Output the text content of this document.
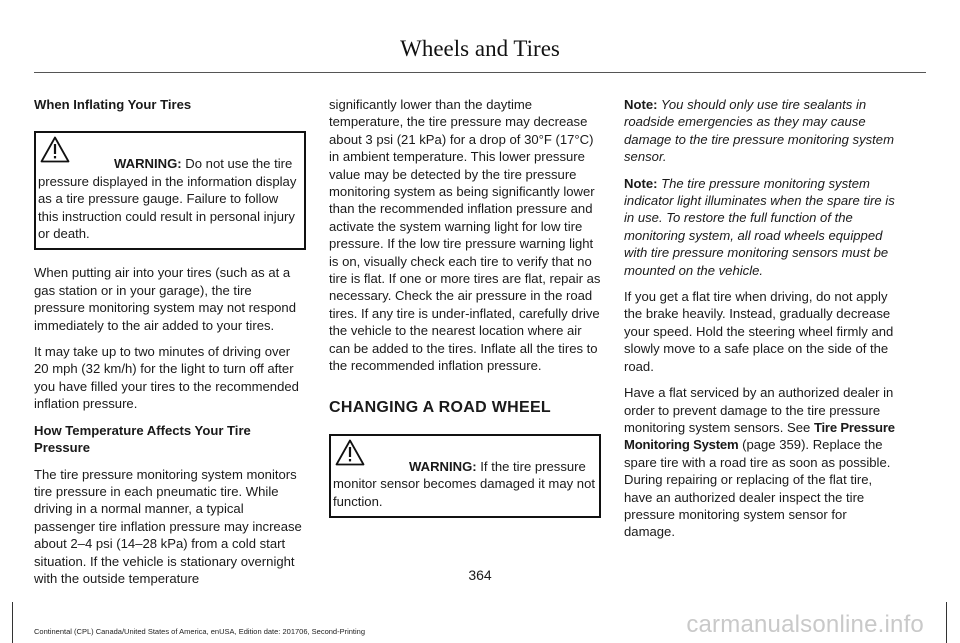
Wheels and Tires

When Inflating Your Tires

WARNING: Do not use the tire pressure displayed in the information display as a tire pressure gauge. Failure to follow this instruction could result in personal injury or death.

When putting air into your tires (such as at a gas station or in your garage), the tire pressure monitoring system may not respond immediately to the air added to your tires.

It may take up to two minutes of driving over 20 mph (32 km/h) for the light to turn off after you have filled your tires to the recommended inflation pressure.

How Temperature Affects Your Tire Pressure

The tire pressure monitoring system monitors tire pressure in each pneumatic tire. While driving in a normal manner, a typical passenger tire inflation pressure may increase about 2–4 psi (14–28 kPa) from a cold start situation. If the vehicle is stationary overnight with the outside temperature

significantly lower than the daytime temperature, the tire pressure may decrease about 3 psi (21 kPa) for a drop of 30°F (17°C) in ambient temperature. This lower pressure value may be detected by the tire pressure monitoring system as being significantly lower than the recommended inflation pressure and activate the system warning light for low tire pressure. If the low tire pressure warning light is on, visually check each tire to verify that no tire is flat. If one or more tires are flat, repair as necessary. Check the air pressure in the road tires. If any tire is under-inflated, carefully drive the vehicle to the nearest location where air can be added to the tires. Inflate all the tires to the recommended inflation pressure.

CHANGING A ROAD WHEEL
WARNING: If the tire pressure monitor sensor becomes damaged it may not function.

Note: You should only use tire sealants in roadside emergencies as they may cause damage to the tire pressure monitoring system sensor.

Note: The tire pressure monitoring system indicator light illuminates when the spare tire is in use. To restore the full function of the monitoring system, all road wheels equipped with tire pressure monitoring sensors must be mounted on the vehicle.

If you get a flat tire when driving, do not apply the brake heavily. Instead, gradually decrease your speed. Hold the steering wheel firmly and slowly move to a safe place on the side of the road.

Have a flat serviced by an authorized dealer in order to prevent damage to the tire pressure monitoring system sensors. See Tire Pressure Monitoring System (page 359). Replace the spare tire with a road tire as soon as possible. During repairing or replacing of the flat tire, have an authorized dealer inspect the tire pressure monitoring system sensor for damage.

364
Continental (CPL) Canada/United States of America, enUSA, Edition date: 201706, Second-Printing	carmanualsonline.info
